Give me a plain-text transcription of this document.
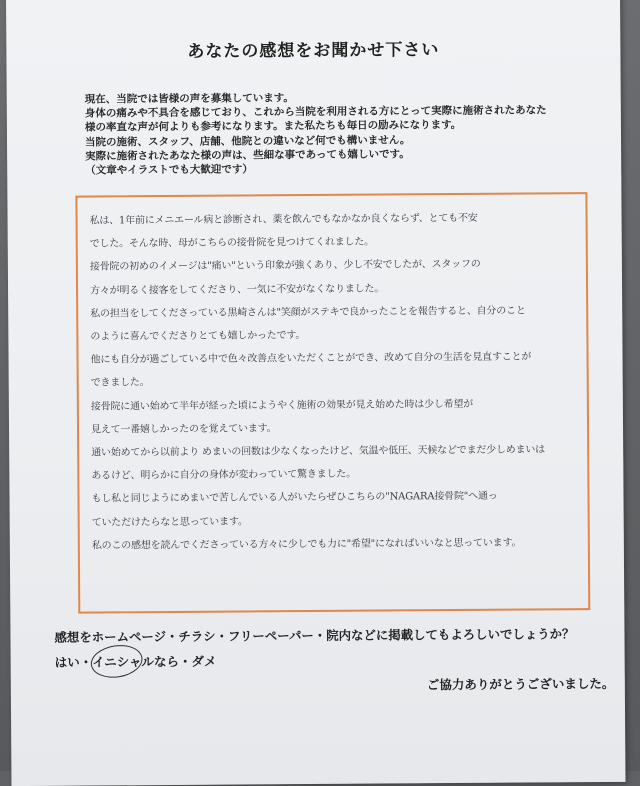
あなたの感想をお聞かせ下さい
現在、当院では皆様の声を募集しています。
身体の痛みや不具合を感じており、これから当院を利用される方にとって実際に施術されたあなた
様の率直な声が何よりも参考になります。また私たちも毎日の励みになります。
当院の施術、スタッフ、店舗、他院との違いなど何でも構いません。
実際に施術されたあなた様の声は、些細な事であっても嬉しいです。
（文章やイラストでも大歓迎です）
私は、1年前にメニエール病と診断され、薬を飲んでもなかなか良くならず、とても不安
でした。そんな時、母がこちらの接骨院を見つけてくれました。
接骨院の初めのイメージは"痛い"という印象が強くあり、少し不安でしたが、スタッフの
方々が明るく接客をしてくださり、一気に不安がなくなりました。
私の担当をしてくださっている黒崎さんは"笑顔がステキで良かったことを報告すると、自分のこと
のように喜んでくださりとても嬉しかったです。
他にも自分が過ごしている中で色々改善点をいただくことができ、改めて自分の生活を見直すことが
できました。
接骨院に通い始めて半年が経った頃にようやく施術の効果が見え始めた時は少し希望が
見えて一番嬉しかったのを覚えています。
通い始めてから以前より めまいの回数は少なくなったけど、気温や低圧、天候などでまだ少しめまいは
あるけど、明らかに自分の身体が変わっていて驚きました。
もし私と同じようにめまいで苦しんでいる人がいたらぜひこちらの"NAGARA接骨院"へ通っ
ていただけたらなと思っています。
私のこの感想を読んでくださっている方々に少しでも力に"希望"になればいいなと思っています。
感想をホームページ・チラシ・フリーペーパー・院内などに掲載してもよろしいでしょうか？
はい・イニシャルなら・ダメ
ご協力ありがとうございました。
